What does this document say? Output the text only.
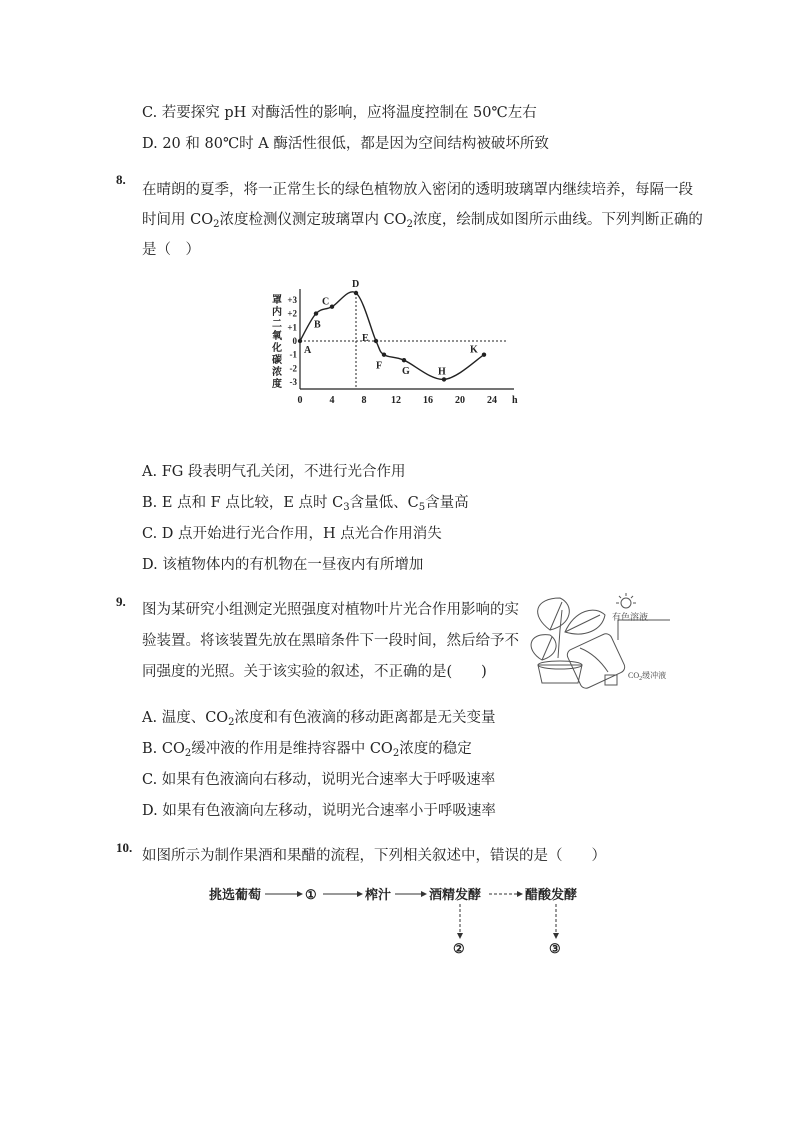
C. 若要探究 pH 对酶活性的影响，应将温度控制在 50℃左右
D. 20 和 80℃时 A 酶活性很低，都是因为空间结构被破坏所致
8.
在晴朗的夏季，将一正常生长的绿色植物放入密闭的透明玻璃罩内继续培养，每隔一段
时间用 $CO_2$浓度检测仪测定玻璃罩内 $CO_2$浓度，绘制成如图所示曲线。下列判断正确的
是（　）
罩
内
二
氧
化
碳
浓
度
+3
+2
+1
0
-1
-2
-3
0	4	8 12 16 20 24 h
A
B
C
D
E
F G	H
K
A. FG 段表明气孔关闭，不进行光合作用
B. E 点和 F 点比较，E 点时 $C_3$含量低、$C_5$含量高
C. D 点开始进行光合作用，H 点光合作用消失
D. 该植物体内的有机物在一昼夜内有所增加
9.
图为某研究小组测定光照强度对植物叶片光合作用影响的实
验装置。将该装置先放在黑暗条件下一段时间，然后给予不
同强度的光照。关于该实验的叙述，不正确的是(　　)
有色溶液
$CO_2$缓冲液
A. 温度、$CO_2$浓度和有色液滴的移动距离都是无关变量
B. $CO_2$缓冲液的作用是维持容器中 $CO_2$浓度的稳定
C. 如果有色液滴向右移动，说明光合速率大于呼吸速率
D. 如果有色液滴向左移动，说明光合速率小于呼吸速率
10.
如图所示为制作果酒和果醋的流程，下列相关叙述中，错误的是（　　）
挑选葡萄	①	榨汁	酒精发酵	醋酸发酵
②	③
